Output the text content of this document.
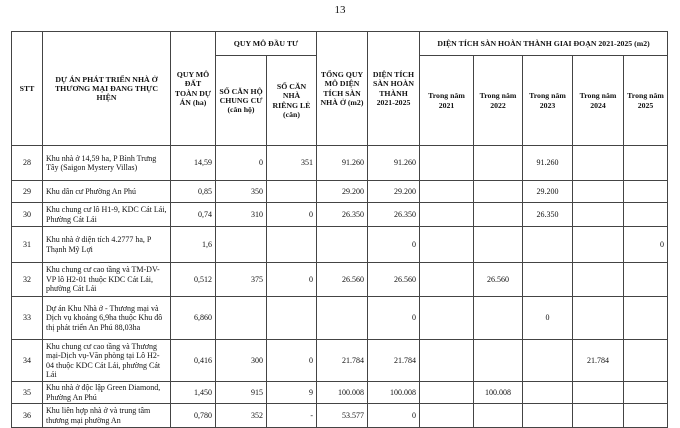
13
STT	DỰ ÁN PHÁT TRIỂN NHÀ Ở THƯƠNG MẠI ĐANG THỰC HIỆN	QUY MÔ ĐẤT TOÀN DỰ ÁN (ha)	QUY MÔ ĐẦU TƯ		TỔNG QUY MÔ DIỆN TÍCH SÀN NHÀ Ở (m2)	DIỆN TÍCH SÀN HOÀN THÀNH 2021-2025	DIỆN TÍCH SÀN HOÀN THÀNH GIAI ĐOẠN 2021-2025 (m2)				
			SỐ CĂN HỘ CHUNG CƯ (căn hộ)	SỐ CĂN NHÀ RIÊNG LẺ (căn)			Trong năm 2021	Trong năm 2022	Trong năm 2023	Trong năm 2024	Trong năm 2025
28	Khu nhà ở 14,59 ha, P Bình Trưng Tây (Saigon Mystery Villas)	14,59	0	351	91.260	91.260			91.260		
29	Khu dân cư Phường An Phú	0,85	350		29.200	29.200			29.200		
30	Khu chung cư lô H1-9, KDC Cát Lái, Phường Cát Lái	0,74	310	0	26.350	26.350			26.350		
31	Khu nhà ở diện tích 4.2777 ha, P Thạnh Mỹ Lợi	1,6				0					0
32	Khu chung cư cao tầng và TM-DV-VP lô H2-01 thuộc KDC Cát Lái, phường Cát Lái	0,512	375	0	26.560	26.560		26.560			
33	Dự án Khu Nhà ở - Thương mại và Dịch vụ khoảng 6,9ha thuộc Khu đô thị phát triển An Phú 88,03ha	6,860				0			0		
34	Khu chung cư cao tầng và Thương mại-Dịch vụ-Văn phòng tại Lô H2-04 thuộc KDC Cát Lái, phường Cát Lái	0,416	300	0	21.784	21.784				21.784	
35	Khu nhà ở độc lập Green Diamond, Phường An Phú	1,450	915	9	100.008	100.008		100.008			
36	Khu liên hợp nhà ở và trung tâm thương mại phường An	0,780	352	-	53.577	0					
